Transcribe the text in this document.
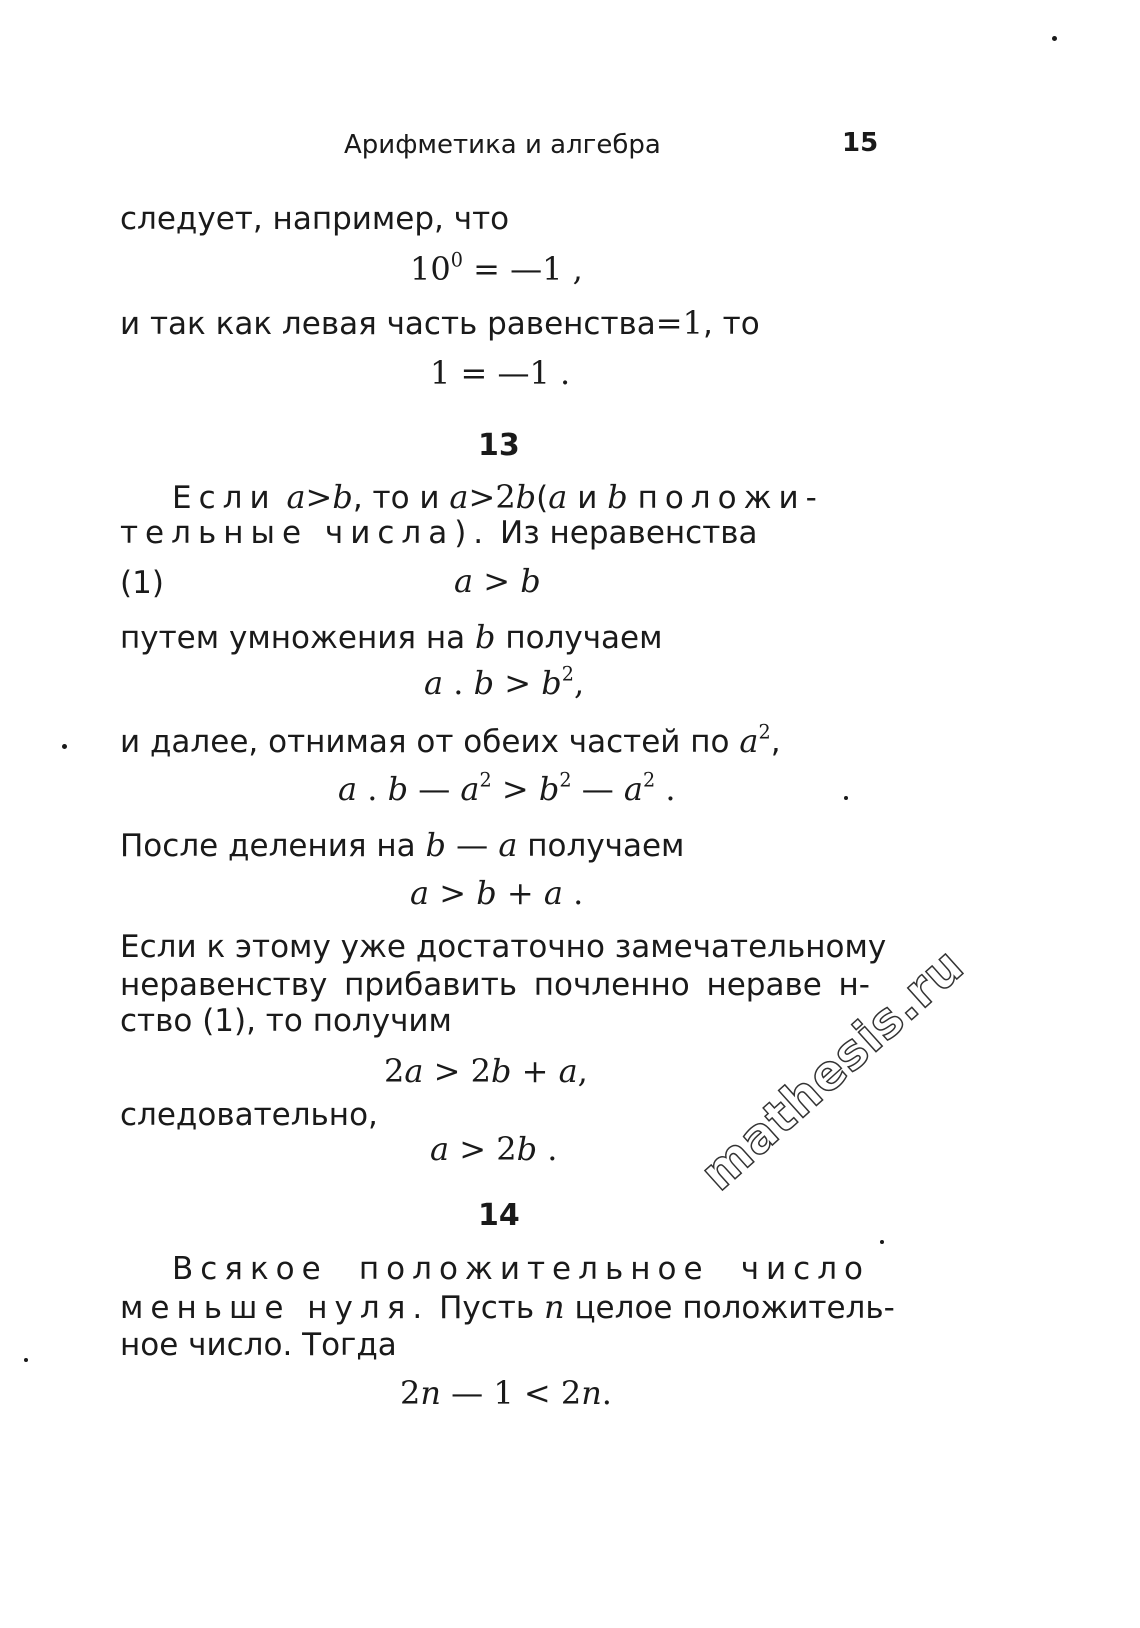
Арифметика и алгебра	15
следует, например, что
$10^0$ = —1 ,
и так как левая часть равенства=1, то
1 = —1 .
13
Если a>b, то и a>2b(a и b положи-
тельные числа). Из неравенства
(1)	a > b
путем умножения на b получаем
a . $b > b^2$,
и далее, отнимая от обеих частей по $a^2$,
a . b — $a^2 > b^2$ — $a^2$ .
После деления на b — a получаем
a > b + a .
Если к этому уже достаточно замечательному
неравенству прибавить почленно нераве н-
ство (1), то получим
2a > 2b + a,
следовательно,
a > 2b .
14
Всякое положительное число
меньше нуля. Пусть n целое положитель-
ное число. Тогда
2n — 1 < 2n.
mathesis.ru
